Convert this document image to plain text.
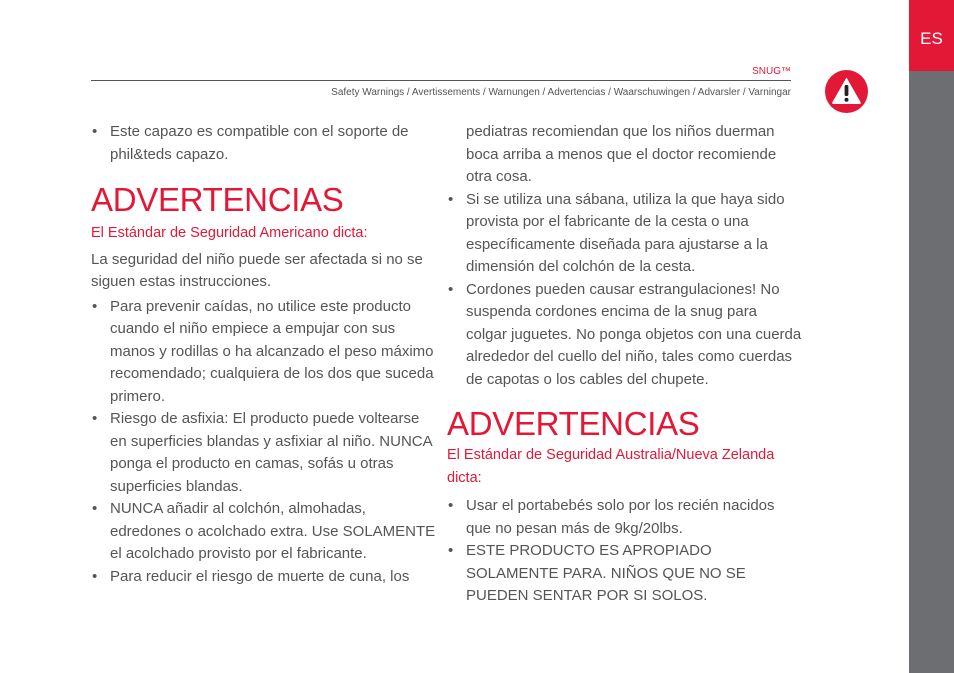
ES
SNUG™
Safety Warnings / Avertissements / Warnungen / Advertencias / Waarschuwingen / Advarsler / Varningar
• Este capazo es compatible con el soporte de phil&teds capazo.
ADVERTENCIAS
El Estándar de Seguridad Americano dicta:
La seguridad del niño puede ser afectada si no se siguen estas instrucciones.
• Para prevenir caídas, no utilice este producto cuando el niño empiece a empujar con sus manos y rodillas o ha alcanzado el peso máximo recomendado; cualquiera de los dos que suceda primero.
• Riesgo de asfixia: El producto puede voltearse en superficies blandas y asfixiar al niño. NUNCA ponga el producto en camas, sofás u otras superficies blandas.
• NUNCA añadir al colchón, almohadas, edredones o acolchado extra. Use SOLAMENTE el acolchado provisto por el fabricante.
• Para reducir el riesgo de muerte de cuna, los
pediatras recomiendan que los niños duerman boca arriba a menos que el doctor recomiende otra cosa.
• Si se utiliza una sábana, utiliza la que haya sido provista por el fabricante de la cesta o una específicamente diseñada para ajustarse a la dimensión del colchón de la cesta.
• Cordones pueden causar estrangulaciones! No suspenda cordones encima de la snug para colgar juguetes. No ponga objetos con una cuerda alrededor del cuello del niño, tales como cuerdas de capotas o los cables del chupete.
ADVERTENCIAS
El Estándar de Seguridad Australia/Nueva Zelanda dicta:
• Usar el portabebés solo por los recién nacidos que no pesan más de 9kg/20lbs.
• ESTE PRODUCTO ES APROPIADO SOLAMENTE PARA. NIÑOS QUE NO SE PUEDEN SENTAR POR SI SOLOS.
